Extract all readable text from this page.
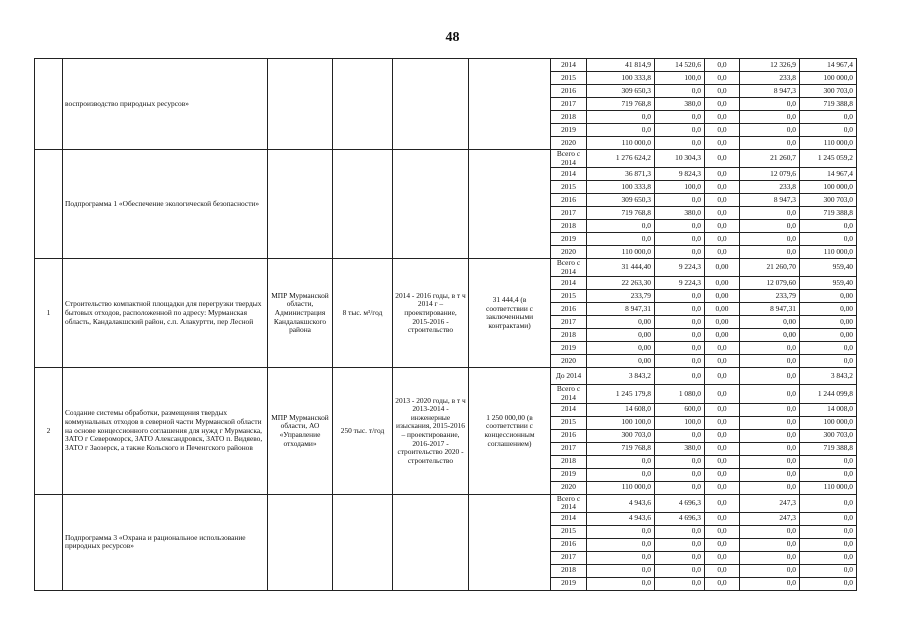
48
	воспроизводство природных ресурсов»					2014	41 814,9	14 520,6	0,0	12 326,9	14 967,4
						2015	100 333,8	100,0	0,0	233,8	100 000,0
						2016	309 650,3	0,0	0,0	8 947,3	300 703,0
						2017	719 768,8	380,0	0,0	0,0	719 388,8
						2018	0,0	0,0	0,0	0,0	0,0
						2019	0,0	0,0	0,0	0,0	0,0
						2020	110 000,0	0,0	0,0	0,0	110 000,0
	Подпрограмма 1 «Обеспечение экологической безопасности»					Всего с 2014	1 276 624,2	10 304,3	0,0	21 260,7	1 245 059,2
						2014	36 871,3	9 824,3	0,0	12 079,6	14 967,4
						2015	100 333,8	100,0	0,0	233,8	100 000,0
						2016	309 650,3	0,0	0,0	8 947,3	300 703,0
						2017	719 768,8	380,0	0,0	0,0	719 388,8
						2018	0,0	0,0	0,0	0,0	0,0
						2019	0,0	0,0	0,0	0,0	0,0
						2020	110 000,0	0,0	0,0	0,0	110 000,0
1	Строительство компактной площадки для перегрузки твердых бытовых отходов, расположенной по адресу: Мурманская область, Кандалакшский район, с.п. Алакуртти, пер Лесной	МПР Мурманской области, Администрация Кандалакшского района	8 тыс. м³/год	2014 - 2016 годы, в т ч 2014 г – проектирование, 2015-2016 - строительство	31 444,4 (в соответствии с заключенными контрактами)	Всего с 2014	31 444,40	9 224,3	0,00	21 260,70	959,40
						2014	22 263,30	9 224,3	0,00	12 079,60	959,40
						2015	233,79	0,0	0,00	233,79	0,00
						2016	8 947,31	0,0	0,00	8 947,31	0,00
						2017	0,00	0,0	0,00	0,00	0,00
						2018	0,00	0,0	0,00	0,00	0,00
						2019	0,00	0,0	0,0	0,0	0,0
						2020	0,00	0,0	0,0	0,0	0,0
2	Создание системы обработки, размещения твердых коммунальных отходов в северной части Мурманской области на основе концессионного соглашения для нужд г Мурманска, ЗАТО г Североморск, ЗАТО Александровск, ЗАТО п. Видяево, ЗАТО г Заозерск, а также Кольского и Печенгского районов	МПР Мурманской области, АО «Управление отходами»	250 тыс. т/год	2013 - 2020 годы, в т ч 2013-2014 - инженерные изыскания, 2015-2016 – проектирование, 2016-2017 - строительство 2020 - строительство	1 250 000,00 (в соответствии с концессионным соглашением)	До 2014	3 843,2	0,0	0,0	0,0	3 843,2
						Всего с 2014	1 245 179,8	1 080,0	0,0	0,0	1 244 099,8
						2014	14 608,0	600,0	0,0	0,0	14 008,0
						2015	100 100,0	100,0	0,0	0,0	100 000,0
						2016	300 703,0	0,0	0,0	0,0	300 703,0
						2017	719 768,8	380,0	0,0	0,0	719 388,8
						2018	0,0	0,0	0,0	0,0	0,0
						2019	0,0	0,0	0,0	0,0	0,0
						2020	110 000,0	0,0	0,0	0,0	110 000,0
	Подпрограмма 3 «Охрана и рациональное использование природных ресурсов»					Всего с 2014	4 943,6	4 696,3	0,0	247,3	0,0
						2014	4 943,6	4 696,3	0,0	247,3	0,0
						2015	0,0	0,0	0,0	0,0	0,0
						2016	0,0	0,0	0,0	0,0	0,0
						2017	0,0	0,0	0,0	0,0	0,0
						2018	0,0	0,0	0,0	0,0	0,0
						2019	0,0	0,0	0,0	0,0	0,0
